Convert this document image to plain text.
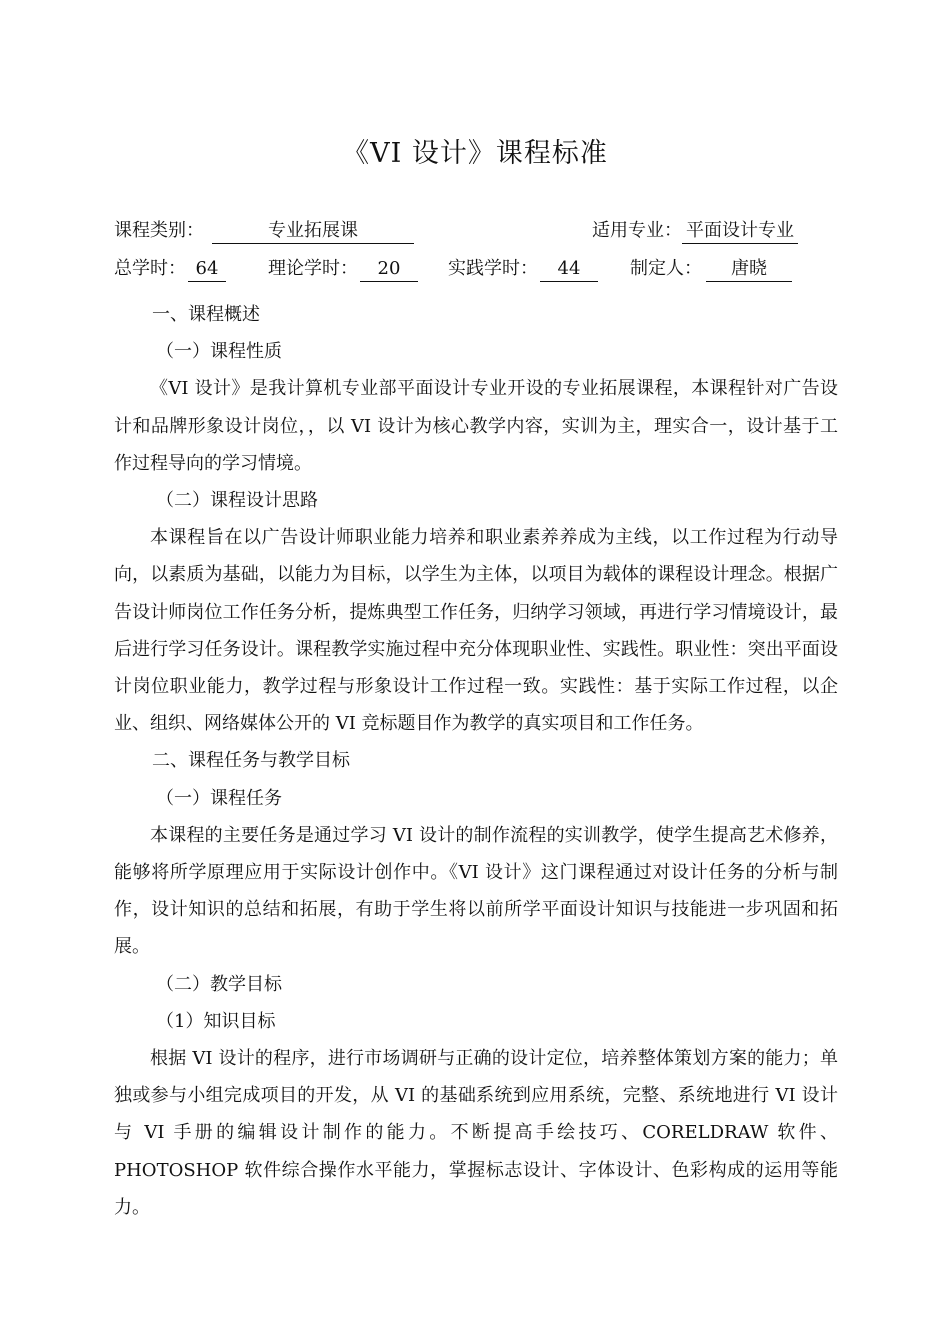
《VI 设计》课程标准
课程类别：	专业拓展课	适用专业： 平面设计专业
总学时： 64	理论学时： 20	实践学时： 44	制定人： 唐晓

一、课程概述

（一）课程性质

《VI 设计》是我计算机专业部平面设计专业开设的专业拓展课程，本课程针对广告设计和品牌形象设计岗位，，以 VI 设计为核心教学内容，实训为主，理实合一，设计基于工作过程导向的学习情境。

（二）课程设计思路

本课程旨在以广告设计师职业能力培养和职业素养养成为主线，以工作过程为行动导向，以素质为基础，以能力为目标，以学生为主体，以项目为载体的课程设计理念。根据广告设计师岗位工作任务分析，提炼典型工作任务，归纳学习领域，再进行学习情境设计，最后进行学习任务设计。课程教学实施过程中充分体现职业性、实践性。职业性：突出平面设计岗位职业能力，教学过程与形象设计工作过程一致。实践性：基于实际工作过程，以企业、组织、网络媒体公开的 VI 竞标题目作为教学的真实项目和工作任务。

二、课程任务与教学目标

（一）课程任务

本课程的主要任务是通过学习 VI 设计的制作流程的实训教学，使学生提高艺术修养，能够将所学原理应用于实际设计创作中。《VI 设计》这门课程通过对设计任务的分析与制作，设计知识的总结和拓展，有助于学生将以前所学平面设计知识与技能进一步巩固和拓展。

（二）教学目标

（1）知识目标

根据 VI 设计的程序，进行市场调研与正确的设计定位，培养整体策划方案的能力；单独或参与小组完成项目的开发，从 VI 的基础系统到应用系统，完整、系统地进行 VI 设计与 VI 手册的编辑设计制作的能力。不断提高手绘技巧、CORELDRAW 软件、PHOTOSHOP 软件综合操作水平能力，掌握标志设计、字体设计、色彩构成的运用等能力。
